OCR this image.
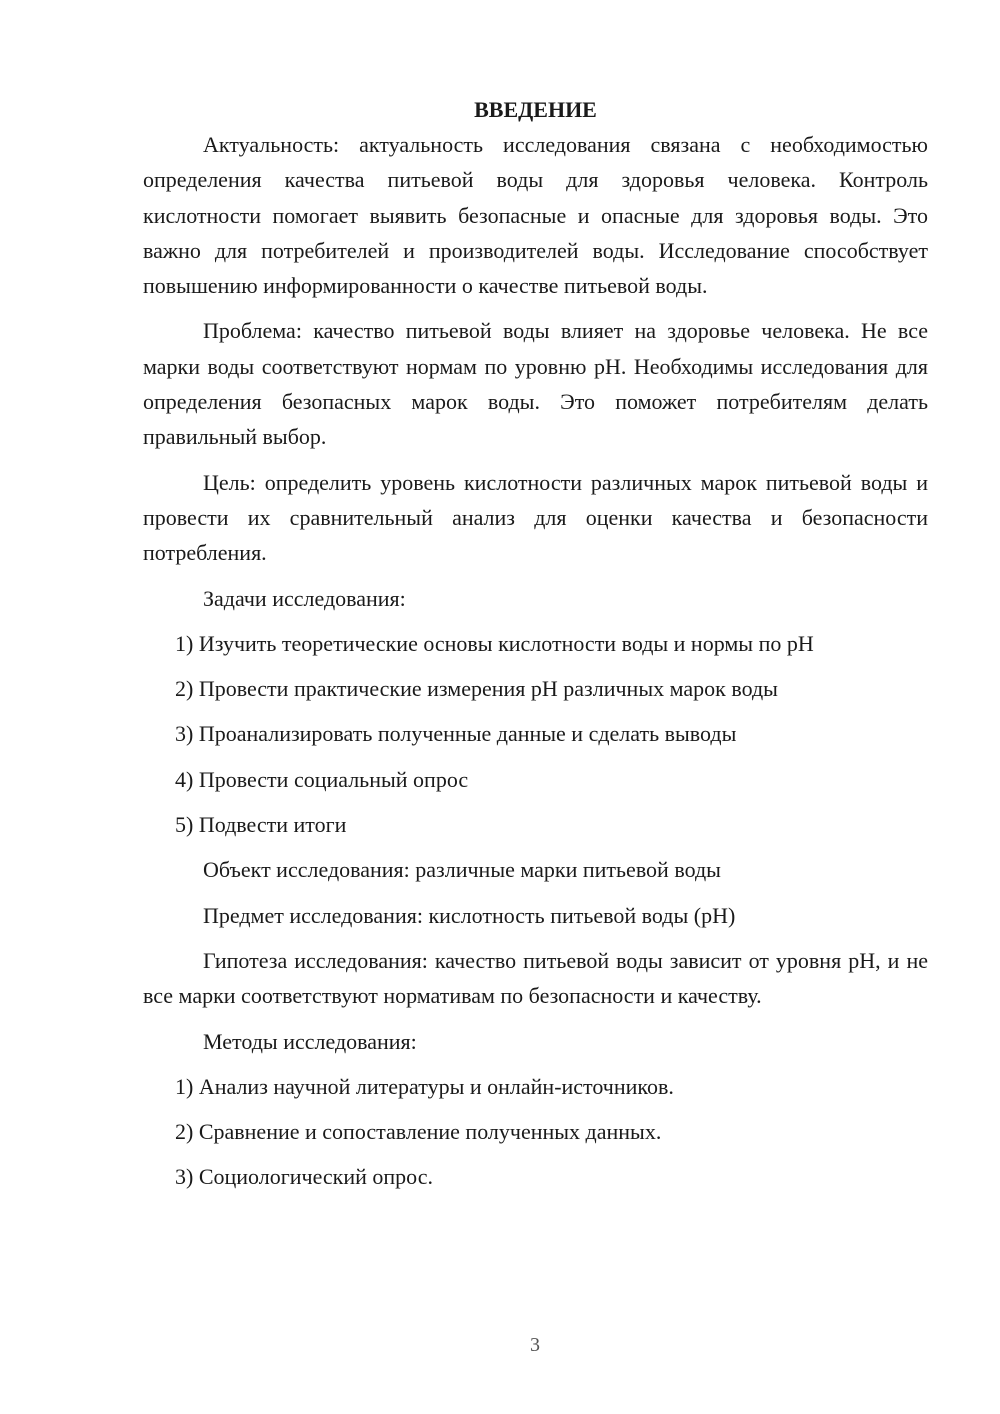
ВВЕДЕНИЕ

Актуальность: актуальность исследования связана с необходимостью определения качества питьевой воды для здоровья человека. Контроль кислотности помогает выявить безопасные и опасные для здоровья воды. Это важно для потребителей и производителей воды. Исследование способствует повышению информированности о качестве питьевой воды.

Проблема: качество питьевой воды влияет на здоровье человека. Не все марки воды соответствуют нормам по уровню pH. Необходимы исследования для определения безопасных марок воды. Это поможет потребителям делать правильный выбор.

Цель: определить уровень кислотности различных марок питьевой воды и провести их сравнительный анализ для оценки качества и безопасности потребления.

Задачи исследования:

1) Изучить теоретические основы кислотности воды и нормы по pH

2) Провести практические измерения pH различных марок воды

3) Проанализировать полученные данные и сделать выводы

4) Провести социальный опрос

5) Подвести итоги

Объект исследования: различные марки питьевой воды

Предмет исследования: кислотность питьевой воды (pH)

Гипотеза исследования: качество питьевой воды зависит от уровня pH, и не все марки соответствуют нормативам по безопасности и качеству.

Методы исследования:

1) Анализ научной литературы и онлайн-источников.

2) Сравнение и сопоставление полученных данных.

3) Социологический опрос.

3
